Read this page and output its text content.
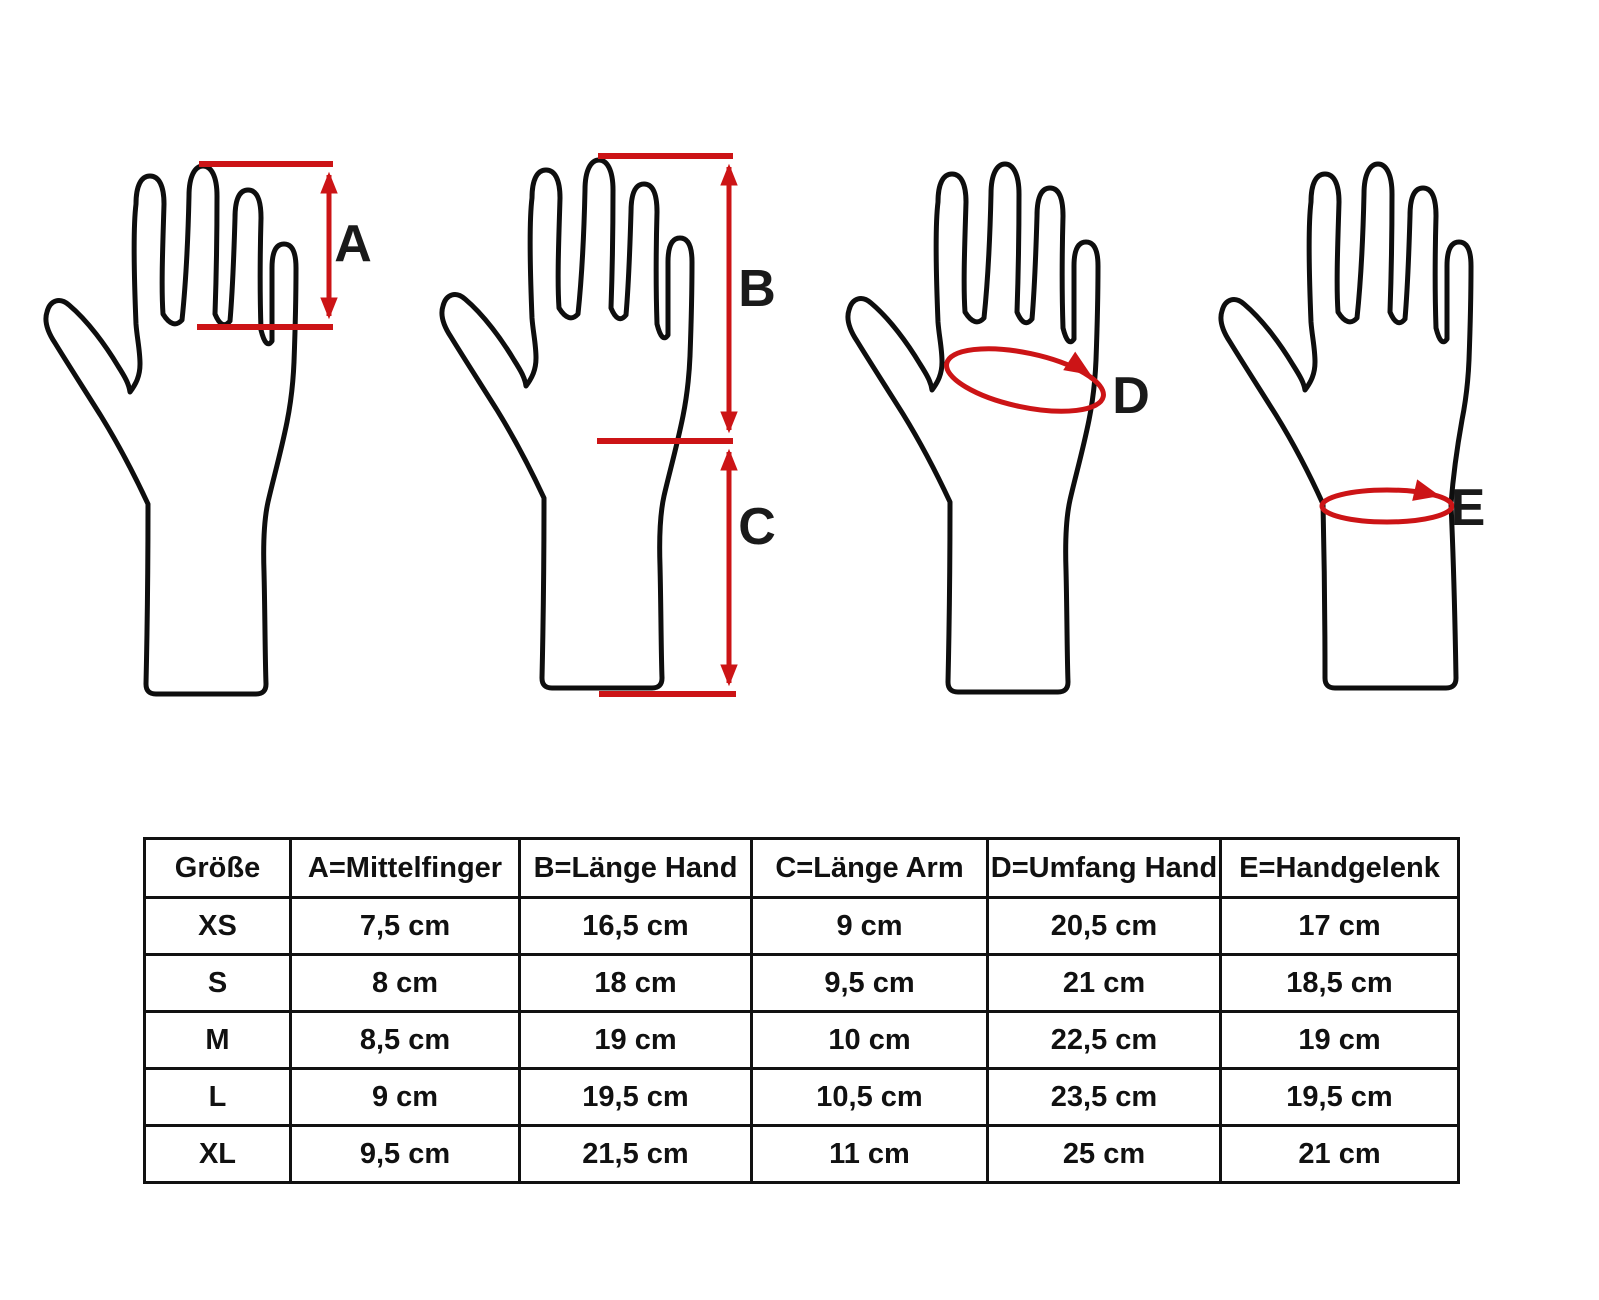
A
B
C
D
E
Größe	A=Mittelfinger	B=Länge Hand	C=Länge Arm	D=Umfang Hand	E=Handgelenk
XS	7,5 cm	16,5 cm	9 cm	20,5 cm	17 cm
S	8 cm	18 cm	9,5 cm	21 cm	18,5 cm
M	8,5 cm	19 cm	10 cm	22,5 cm	19 cm
L	9 cm	19,5 cm	10,5 cm	23,5 cm	19,5 cm
XL	9,5 cm	21,5 cm	11 cm	25 cm	21 cm
